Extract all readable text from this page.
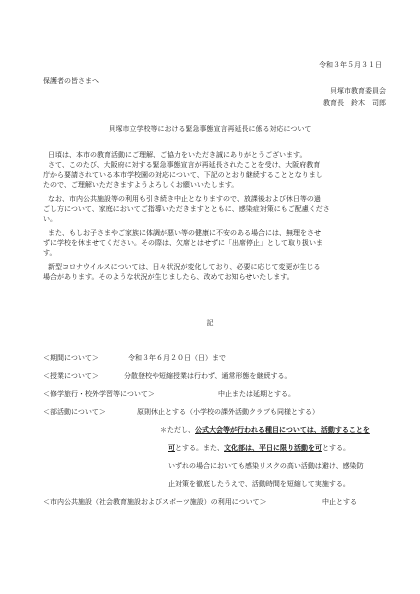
令和３年５月３１日
保護者の皆さまへ
貝塚市教育委員会
教育長　鈴木　司郎
貝塚市立学校等における緊急事態宣言再延長に係る対応について
日頃は、本市の教育活動にご理解、ご協力をいただき誠にありがとうございます。
さて、このたび、大阪府に対する緊急事態宣言が再延長されたことを受け、大阪府教育
庁から要請されている本市学校園の対応について、下記のとおり継続することとなりまし
たので、ご理解いただきますようよろしくお願いいたします。
なお、市内公共施設等の利用も引き続き中止となりますので、放課後および休日等の過
ごし方について、家庭においてご指導いただきますとともに、感染症対策にもご配慮くださ
い。
また、もしお子さまやご家族に体調が悪い等の健康に不安のある場合には、無理をさせ
ずに学校を休ませてください。その際は、欠席とはせずに「出席停止」として取り扱いま
す。
新型コロナウイルスについては、日々状況が変化しており、必要に応じて変更が生じる
場合があります。そのような状況が生じましたら、改めてお知らせいたします。
記
＜期間について＞	令和３年６月２０日（日）まで
＜授業について＞	分散登校や短縮授業は行わず、通常形態を継続する。
＜修学旅行・校外学習等について＞	中止または延期とする。
＜部活動について＞	原則休止とする（小学校の課外活動クラブも同様とする）
＊ただし、公式大会等が行われる種目については、活動することを
可とする。また、文化部は、平日に限り活動を可とする。
いずれの場合においても感染リスクの高い活動は避け、感染防
止対策を徹底したうえで、活動時間を短縮して実施する。
＜市内公共施設（社会教育施設およびスポーツ施設）の利用について＞	中止とする
